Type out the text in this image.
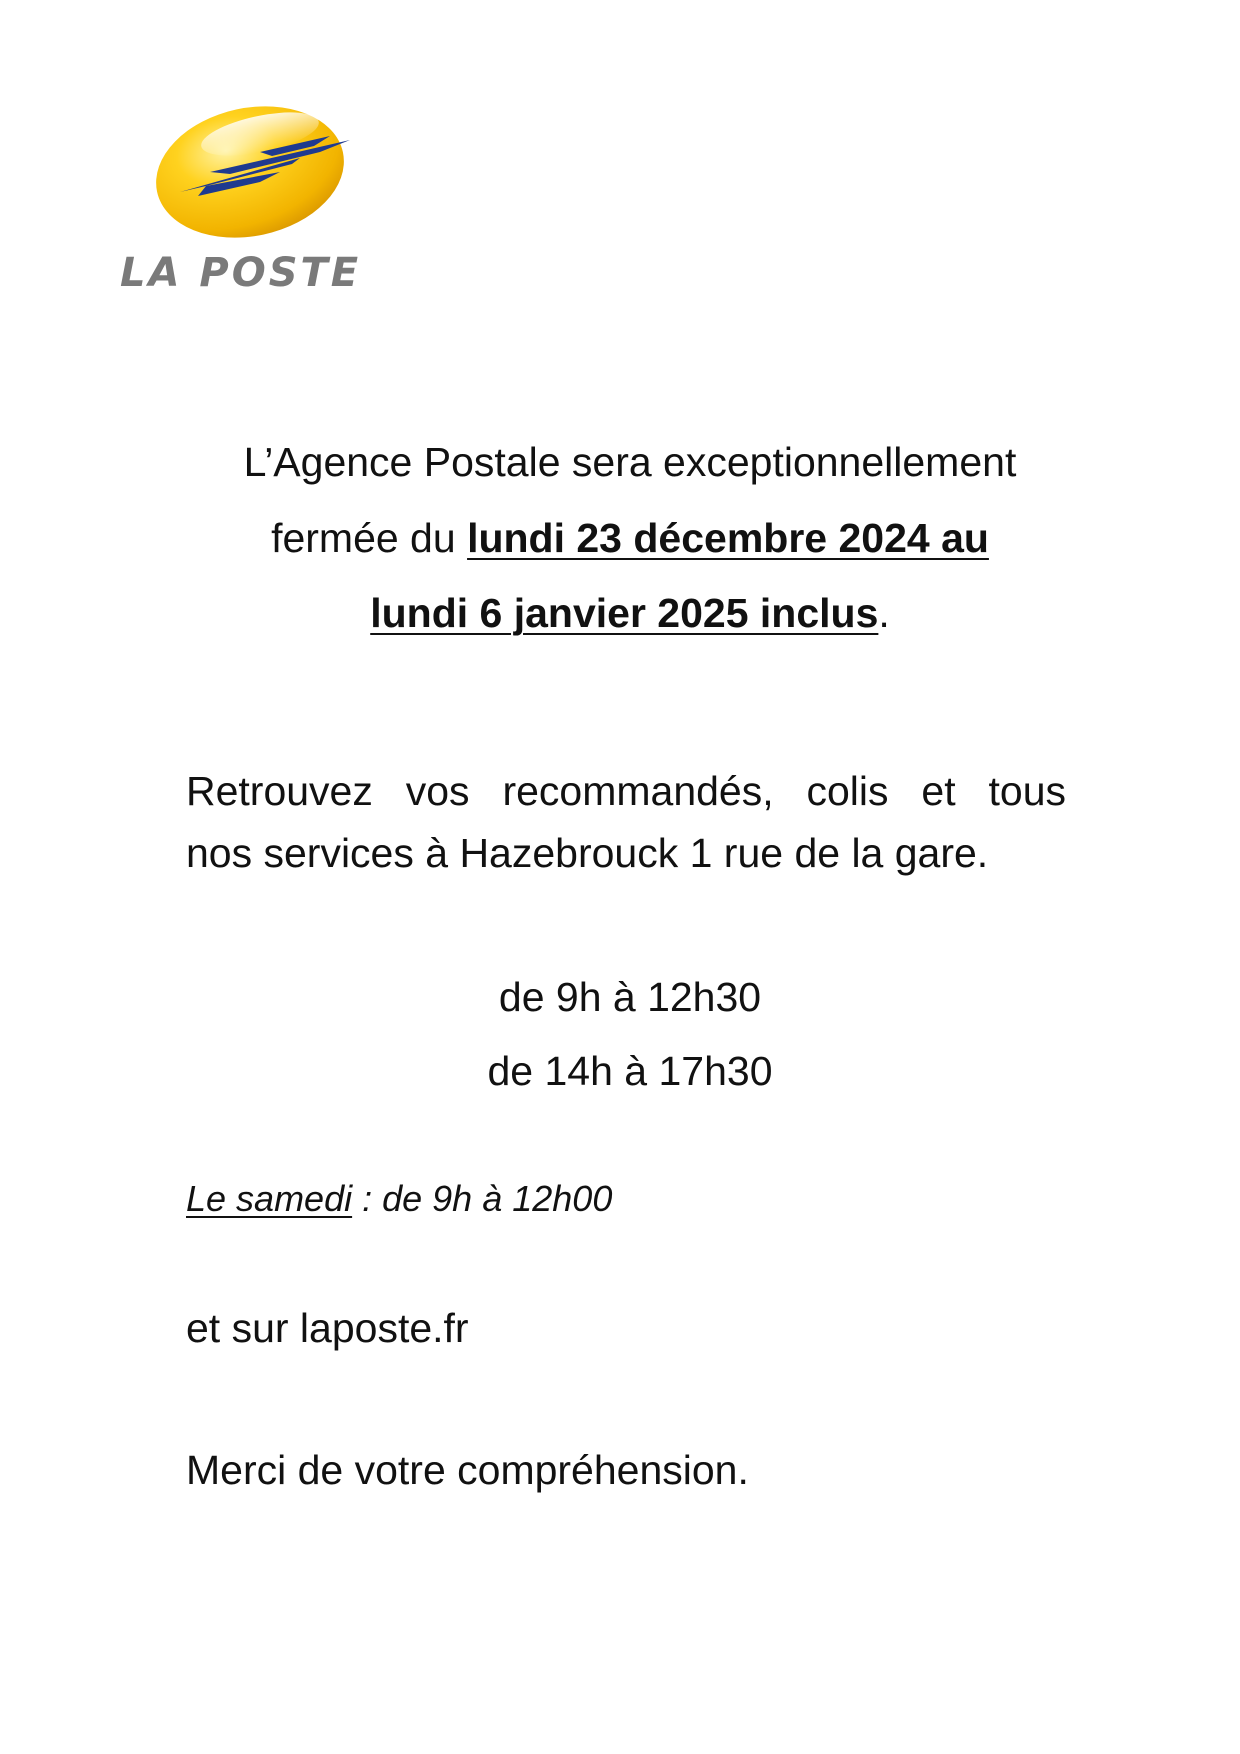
LA POSTE
L’Agence Postale sera exceptionnellement
fermée du lundi 23 décembre 2024 au
lundi 6 janvier 2025 inclus.
Retrouvez vos recommandés, colis et tous
nos services à Hazebrouck 1 rue de la gare.
de 9h à 12h30
de 14h à 17h30
Le samedi : de 9h à 12h00
et sur laposte.fr
Merci de votre compréhension.
